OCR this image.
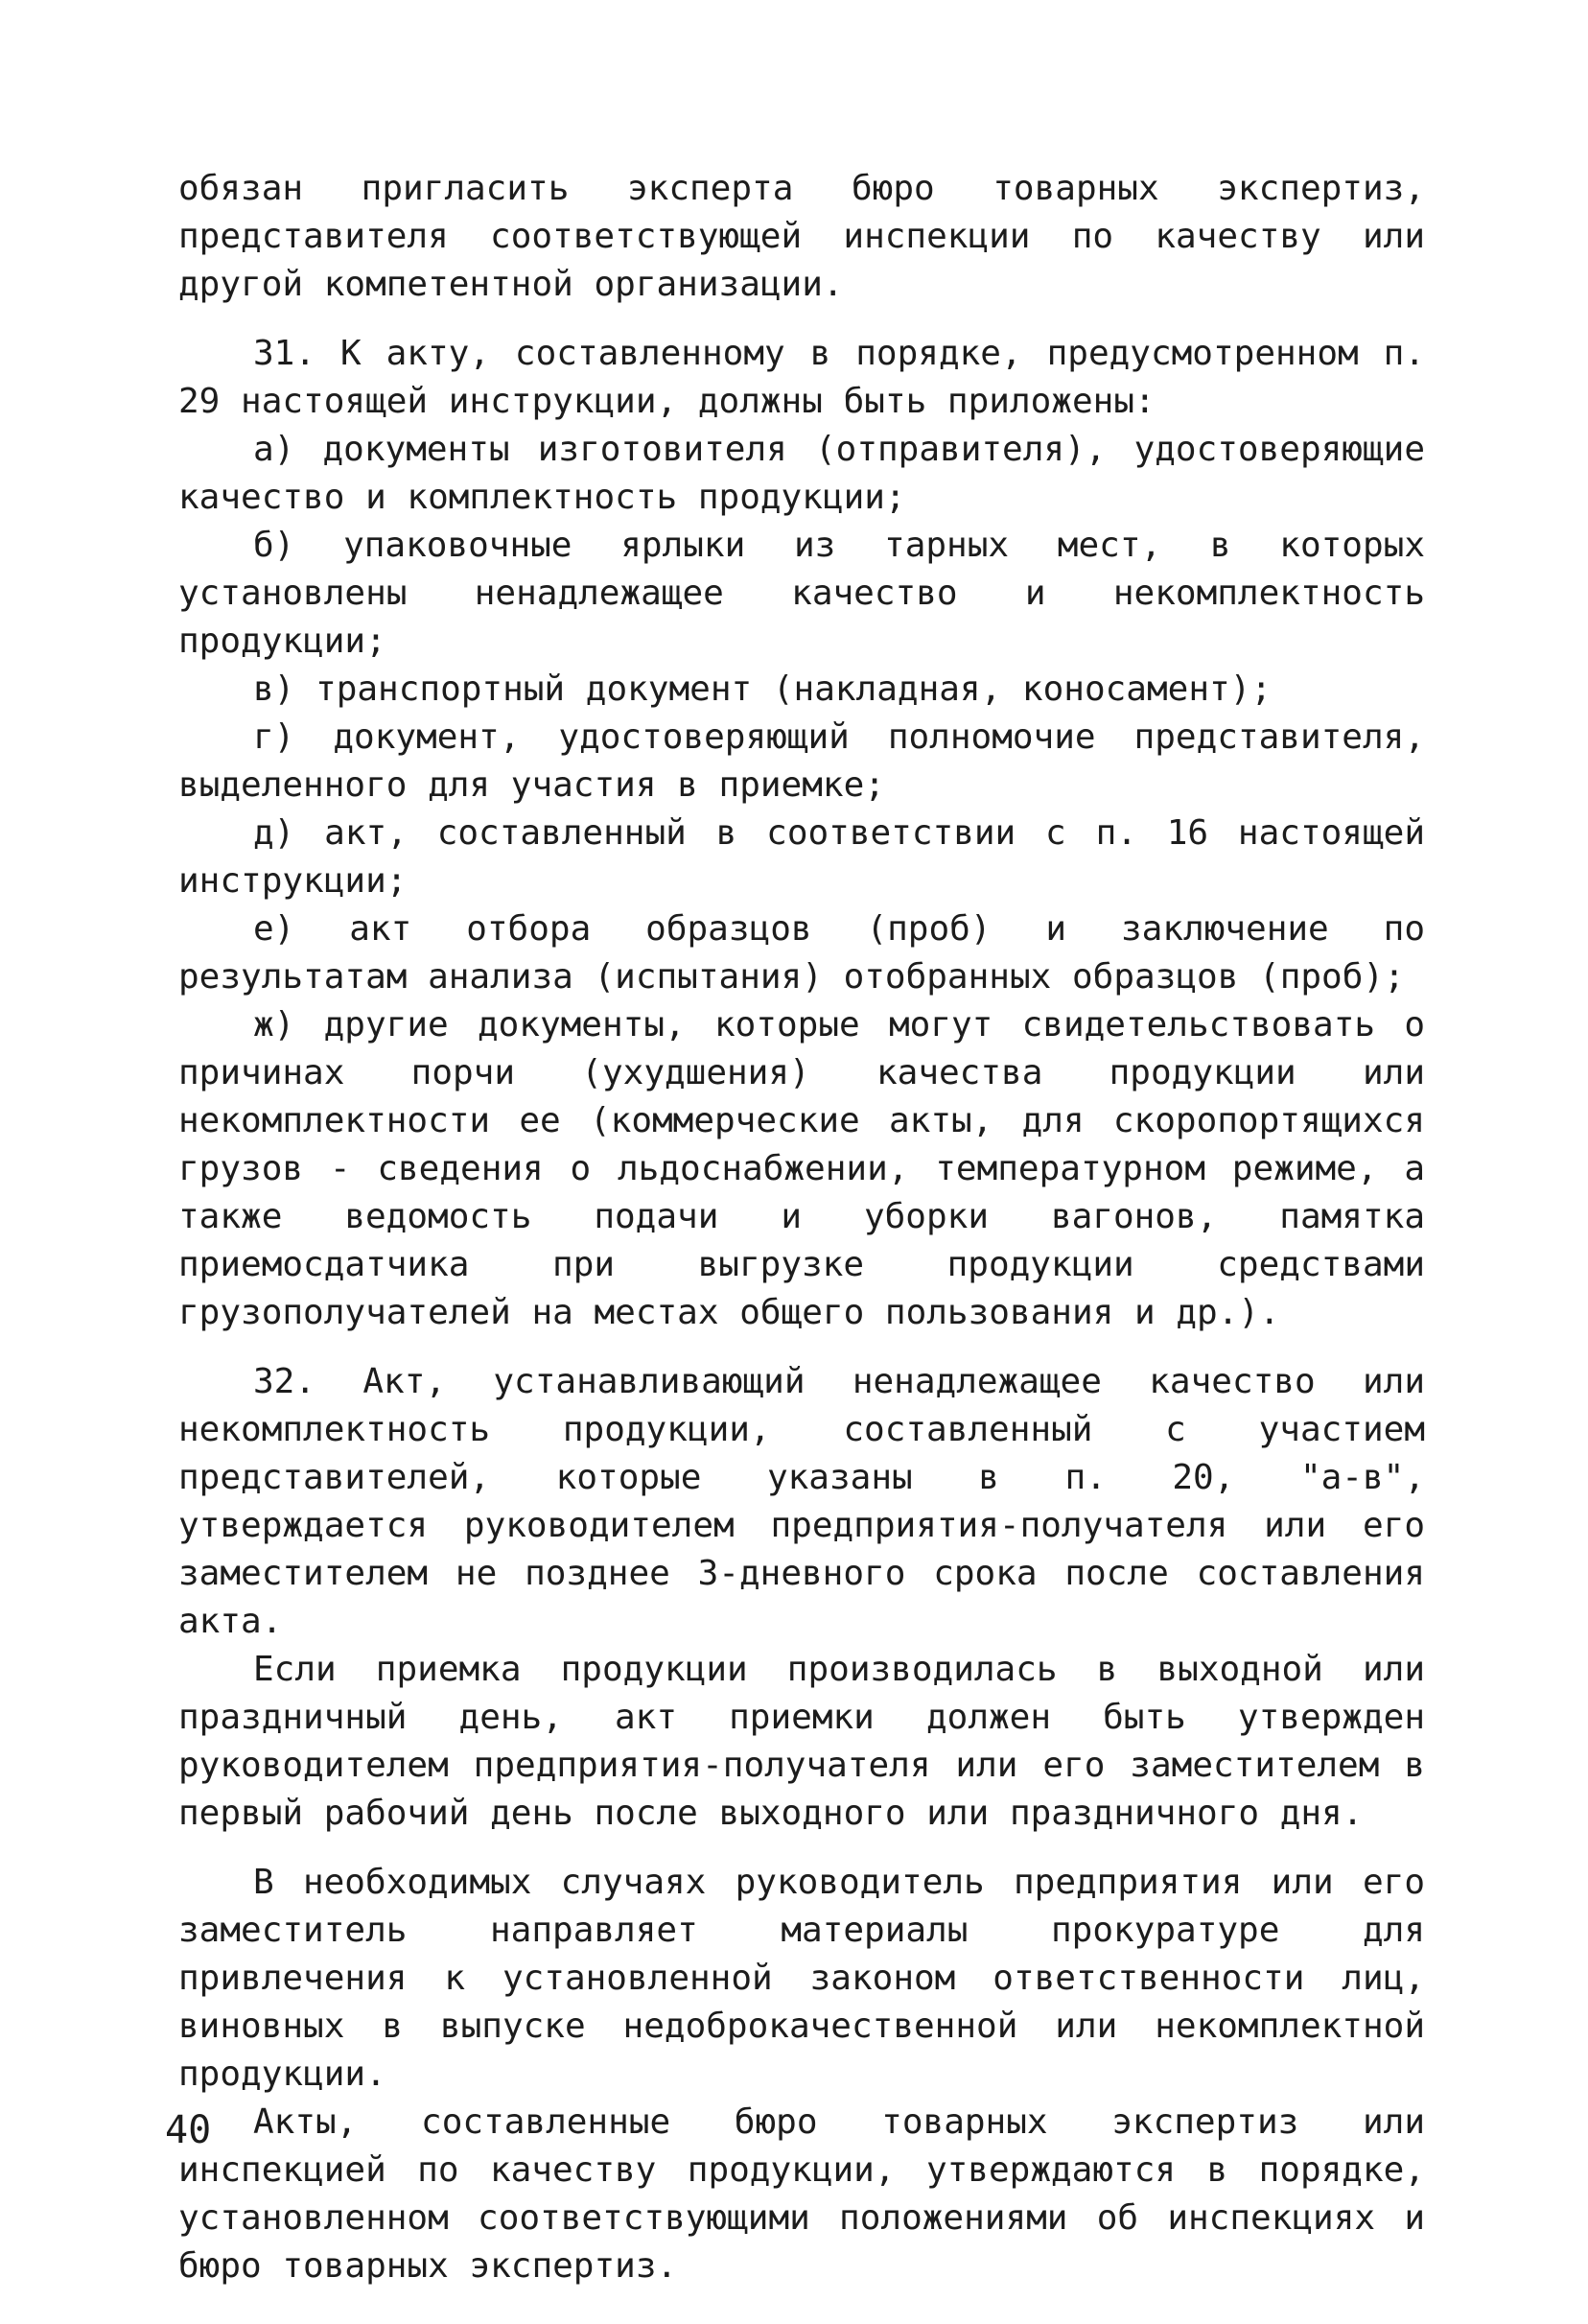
обязан пригласить эксперта бюро товарных экспертиз, представителя соответствующей инспекции по качеству или другой компетентной организации.

31. К акту, составленному в порядке, предусмотренном п. 29 настоящей инструкции, должны быть приложены:

а) документы изготовителя (отправителя), удостоверяющие качество и комплектность продукции;

б) упаковочные ярлыки из тарных мест, в которых установлены ненадлежащее качество и некомплектность продукции;

в) транспортный документ (накладная, коносамент);

г) документ, удостоверяющий полномочие представителя, выделенного для участия в приемке;

д) акт, составленный в соответствии с п. 16 настоящей инструкции;

е) акт отбора образцов (проб) и заключение по результатам анализа (испытания) отобранных образцов (проб);

ж) другие документы, которые могут свидетельствовать о причинах порчи (ухудшения) качества продукции или некомплектности ее (коммерческие акты, для скоропортящихся грузов - сведения о льдоснабжении, температурном режиме, а также ведомость подачи и уборки вагонов, памятка приемосдатчика при выгрузке продукции средствами грузополучателей на местах общего пользования и др.).

32. Акт, устанавливающий ненадлежащее качество или некомплектность продукции, составленный с участием представителей, которые указаны в п. 20, "а-в", утверждается руководителем предприятия-получателя или его заместителем не позднее 3-дневного срока после составления акта.

Если приемка продукции производилась в выходной или праздничный день, акт приемки должен быть утвержден руководителем предприятия-получателя или его заместителем в первый рабочий день после выходного или праздничного дня.

В необходимых случаях руководитель предприятия или его заместитель направляет материалы прокуратуре для привлечения к установленной законом ответственности лиц, виновных в выпуске недоброкачественной или некомплектной продукции.

Акты, составленные бюро товарных экспертиз или инспекцией по качеству продукции, утверждаются в порядке, установленном соответствующими положениями об инспекциях и бюро товарных экспертиз.

40
